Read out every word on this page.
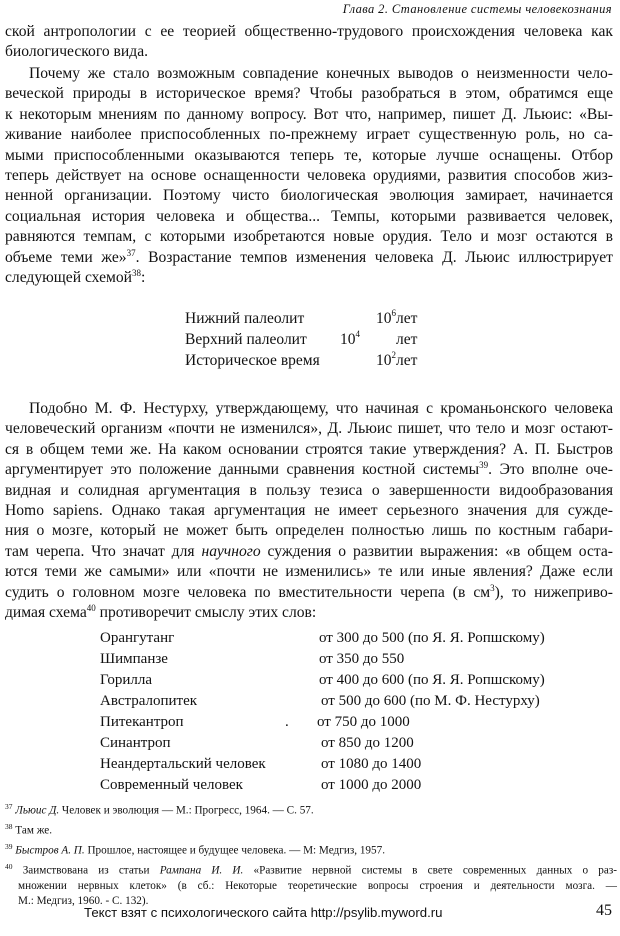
Глава 2. Становление системы человекознания
ской антропологии с ее теорией общественно-трудового происхождения человека как
биологического вида.
Почему же стало возможным совпадение конечных выводов о неизменности чело-
веческой природы в историческое время? Чтобы разобраться в этом, обратимся еще
к некоторым мнениям по данному вопросу. Вот что, например, пишет Д. Льюис: «Вы-
живание наиболее приспособленных по-прежнему играет существенную роль, но са-
мыми приспособленными оказываются теперь те, которые лучше оснащены. Отбор
теперь действует на основе оснащенности человека орудиями, развития способов жиз-
ненной организации. Поэтому чисто биологическая эволюция замирает, начинается
социальная история человека и общества... Темпы, которыми развивается человек,
равняются темпам, с которыми изобретаются новые орудия. Тело и мозг остаются в
объеме теми же»$^{37}$. Возрастание темпов изменения человека Д. Льюис иллюстрирует
следующей схемой$^{38}$:
Нижний палеолит	$10^6лет$
Верхний палеолит $10^4$ лет
Историческое время	$10^2лет$
Подобно М. Ф. Нестурху, утверждающему, что начиная с кроманьонского человека
человеческий организм «почти не изменился», Д. Льюис пишет, что тело и мозг остают-
ся в общем теми же. На каком основании строятся такие утверждения? А. П. Быстров
аргументирует это положение данными сравнения костной системы$^{39}$. Это вполне оче-
видная и солидная аргументация в пользу тезиса о завершенности видообразования
Homo sapiens. Однако такая аргументация не имеет серьезного значения для сужде-
ния о мозге, который не может быть определен полностью лишь по костным габари-
там черепа. Что значат для научного суждения о развитии выражения: «в общем оста-
ются теми же самыми» или «почти не изменились» те или иные явления? Даже если
судить о головном мозге человека по вместительности черепа (в см$^3$), то нижеприво-
димая схема$^{40}$ противоречит смыслу этих слов:
Орангутанг	от 300 до 500 (по Я. Я. Ропшскому)
Шимпанзе	от 350 до 550
Горилла	от 400 до 600 (по Я. Я. Ропшскому)
Австралопитек	от 500 до 600 (по М. Ф. Нестурху)
Питекантроп	. от 750 до 1000
Синантроп	от 850 до 1200
Неандертальский человек	от 1080 до 1400
Современный человек	от 1000 до 2000
$^{37}$ Льюис Д. Человек и эволюция — М.: Прогресс, 1964. — С. 57.
$^{38}$ Там же.
$^{39}$ Быстров А. П. Прошлое, настоящее и будущее человека. — М: Медгиз, 1957.
$^{40}$ Заимствована из статьи Рампана И. И. «Развитие нервной системы в свете современных данных о раз-
множении нервных клеток» (в сб.: Некоторые теоретические вопросы строения и деятельности мозга. —
М.: Медгиз, 1960. - С. 132).
Текст взят с психологического сайта http://psylib.myword.ru	45
